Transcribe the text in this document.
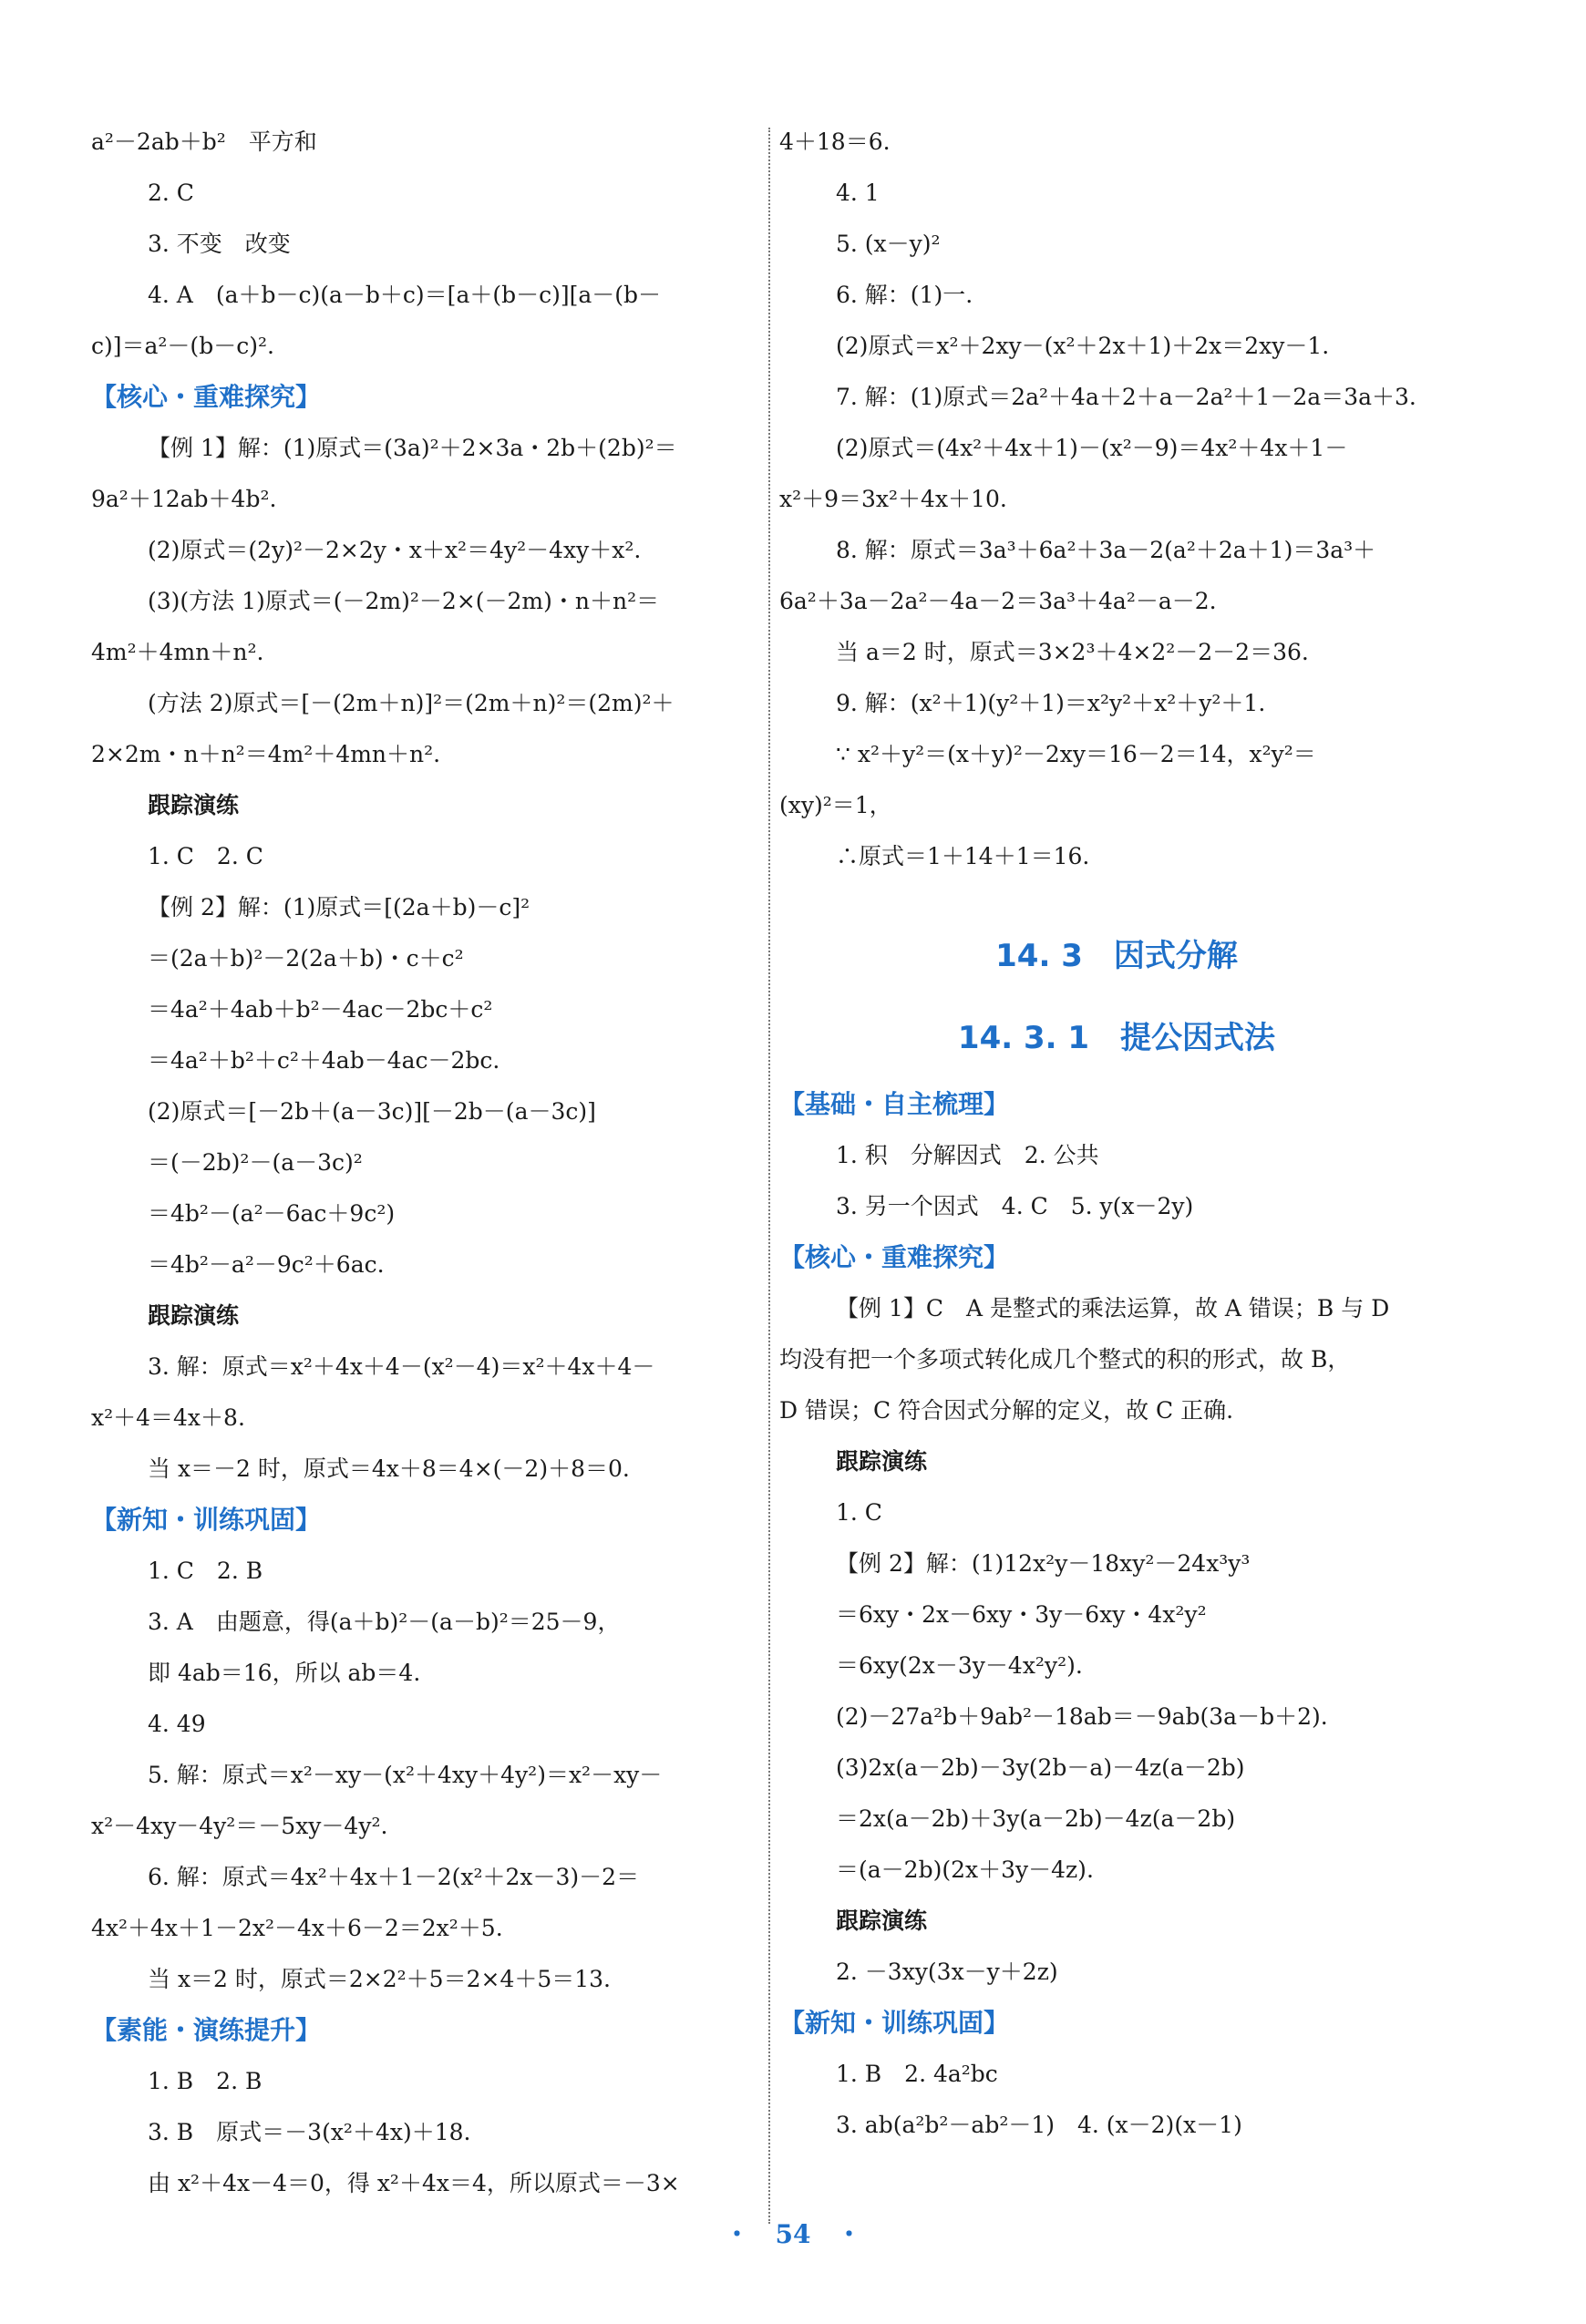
a²－2ab＋b²　平方和
2. C
3. 不变　改变
4. A　(a＋b－c)(a－b＋c)＝[a＋(b－c)][a－(b－
c)]＝a²－(b－c)².
【核心・重难探究】
【例 1】解：(1)原式＝(3a)²＋2×3a・2b＋(2b)²＝
9a²＋12ab＋4b².
(2)原式＝(2y)²－2×2y・x＋x²＝4y²－4xy＋x².
(3)(方法 1)原式＝(－2m)²－2×(－2m)・n＋n²＝
4m²＋4mn＋n².
(方法 2)原式＝[－(2m＋n)]²＝(2m＋n)²＝(2m)²＋
2×2m・n＋n²＝4m²＋4mn＋n².
跟踪演练
1. C　2. C
【例 2】解：(1)原式＝[(2a＋b)－c]²
＝(2a＋b)²－2(2a＋b)・c＋c²
＝4a²＋4ab＋b²－4ac－2bc＋c²
＝4a²＋b²＋c²＋4ab－4ac－2bc.
(2)原式＝[－2b＋(a－3c)][－2b－(a－3c)]
＝(－2b)²－(a－3c)²
＝4b²－(a²－6ac＋9c²)
＝4b²－a²－9c²＋6ac.
跟踪演练
3. 解：原式＝x²＋4x＋4－(x²－4)＝x²＋4x＋4－
x²＋4＝4x＋8.
当 x＝－2 时，原式＝4x＋8＝4×(－2)＋8＝0.
【新知・训练巩固】
1. C　2. B
3. A　由题意，得(a＋b)²－(a－b)²＝25－9，
即 4ab＝16，所以 ab＝4.
4. 49
5. 解：原式＝x²－xy－(x²＋4xy＋4y²)＝x²－xy－
x²－4xy－4y²＝－5xy－4y².
6. 解：原式＝4x²＋4x＋1－2(x²＋2x－3)－2＝
4x²＋4x＋1－2x²－4x＋6－2＝2x²＋5.
当 x＝2 时，原式＝2×2²＋5＝2×4＋5＝13.
【素能・演练提升】
1. B　2. B
3. B　原式＝－3(x²＋4x)＋18.
由 x²＋4x－4＝0，得 x²＋4x＝4，所以原式＝－3×
4＋18＝6.
4. 1
5. (x－y)²
6. 解：(1)一.
(2)原式＝x²＋2xy－(x²＋2x＋1)＋2x＝2xy－1.
7. 解：(1)原式＝2a²＋4a＋2＋a－2a²＋1－2a＝3a＋3.
(2)原式＝(4x²＋4x＋1)－(x²－9)＝4x²＋4x＋1－
x²＋9＝3x²＋4x＋10.
8. 解：原式＝3a³＋6a²＋3a－2(a²＋2a＋1)＝3a³＋
6a²＋3a－2a²－4a－2＝3a³＋4a²－a－2.
当 a＝2 时，原式＝3×2³＋4×2²－2－2＝36.
9. 解：(x²＋1)(y²＋1)＝x²y²＋x²＋y²＋1.
∵ x²＋y²＝(x＋y)²－2xy＝16－2＝14，x²y²＝
(xy)²＝1，
∴原式＝1＋14＋1＝16.
14. 3　因式分解
14. 3. 1　提公因式法
【基础・自主梳理】
1. 积　分解因式　2. 公共
3. 另一个因式　4. C　5. y(x－2y)
【核心・重难探究】
【例 1】C　A 是整式的乘法运算，故 A 错误；B 与 D
均没有把一个多项式转化成几个整式的积的形式，故 B，
D 错误；C 符合因式分解的定义，故 C 正确.
跟踪演练
1. C
【例 2】解：(1)12x²y－18xy²－24x³y³
＝6xy・2x－6xy・3y－6xy・4x²y²
＝6xy(2x－3y－4x²y²).
(2)－27a²b＋9ab²－18ab＝－9ab(3a－b＋2).
(3)2x(a－2b)－3y(2b－a)－4z(a－2b)
＝2x(a－2b)＋3y(a－2b)－4z(a－2b)
＝(a－2b)(2x＋3y－4z).
跟踪演练
2. －3xy(3x－y＋2z)
【新知・训练巩固】
1. B　2. 4a²bc
3. ab(a²b²－ab²－1)　4. (x－2)(x－1)
・　54　・
